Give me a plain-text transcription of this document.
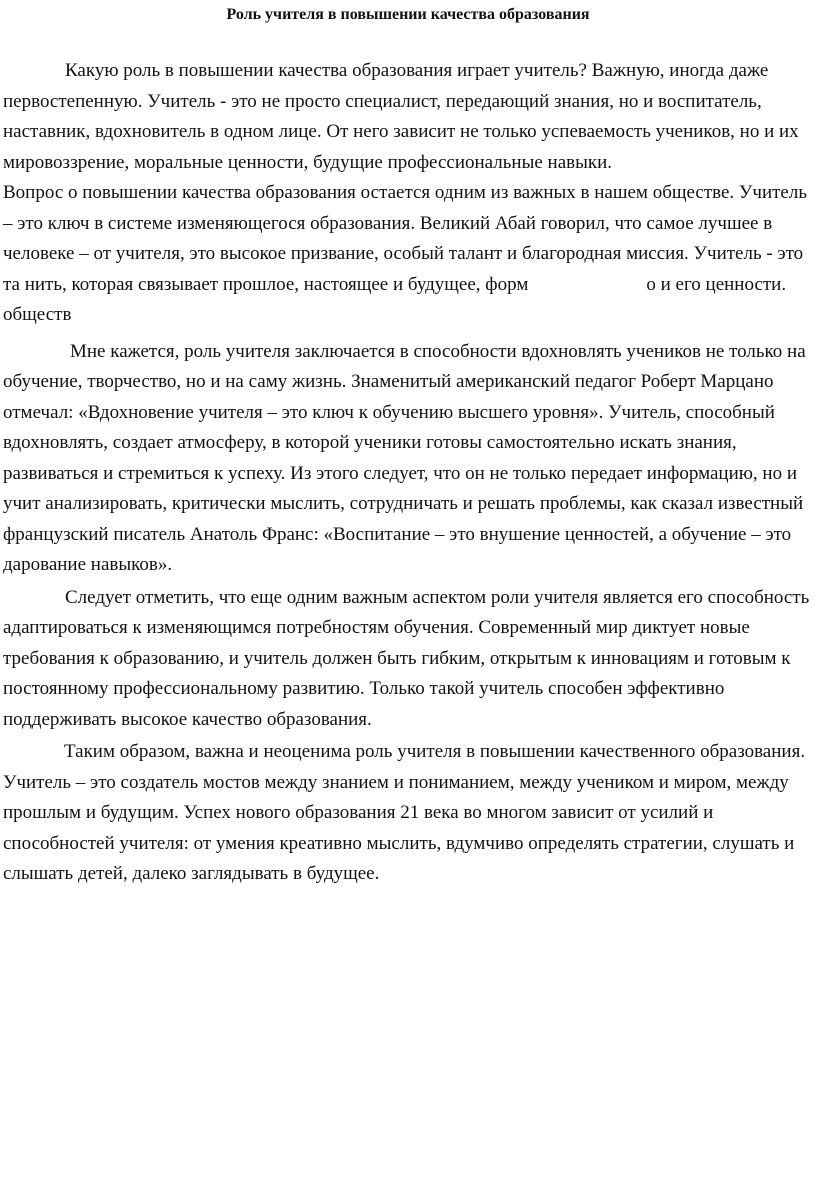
Роль учителя в повышении качества образования

Какую роль в повышении качества образования играет учитель? Важную, иногда даже первостепенную. Учитель - это не просто специалист, передающий знания, но и воспитатель, наставник, вдохновитель в одном лице. От него зависит не только успеваемость учеников, но и их мировоззрение, моральные ценности, будущие профессиональные навыки.

Вопрос о повышении качества образования остается одним из важных в нашем обществе. Учитель – это ключ в системе изменяющегося образования. Великий Абай говорил, что самое лучшее в человеке – от учителя, это высокое призвание, особый талант и благородная миссия. Учитель - это та нить, которая связывает прошлое, настоящее и будущее, форм	о и его ценности. обществ

Мне кажется, роль учителя заключается в способности вдохновлять учеников не только на обучение, творчество, но и на саму жизнь. Знаменитый американский педагог Роберт Марцано отмечал: «Вдохновение учителя – это ключ к обучению высшего уровня». Учитель, способный вдохновлять, создает атмосферу, в которой ученики готовы самостоятельно искать знания, развиваться и стремиться к успеху. Из этого следует, что он не только передает информацию, но и учит анализировать, критически мыслить, сотрудничать и решать проблемы, как сказал известный французский писатель Анатоль Франс: «Воспитание – это внушение ценностей, а обучение – это дарование навыков».

Следует отметить, что еще одним важным аспектом роли учителя является его способность адаптироваться к изменяющимся потребностям обучения. Современный мир диктует новые требования к образованию, и учитель должен быть гибким, открытым к инновациям и готовым к постоянному профессиональному развитию. Только такой учитель способен эффективно поддерживать высокое качество образования.

Таким образом, важна и неоценима роль учителя в повышении качественного образования. Учитель – это создатель мостов между знанием и пониманием, между учеником и миром, между прошлым и будущим. Успех нового образования 21 века во многом зависит от усилий и способностей учителя: от умения креативно мыслить, вдумчиво определять стратегии, слушать и слышать детей, далеко заглядывать в будущее.
